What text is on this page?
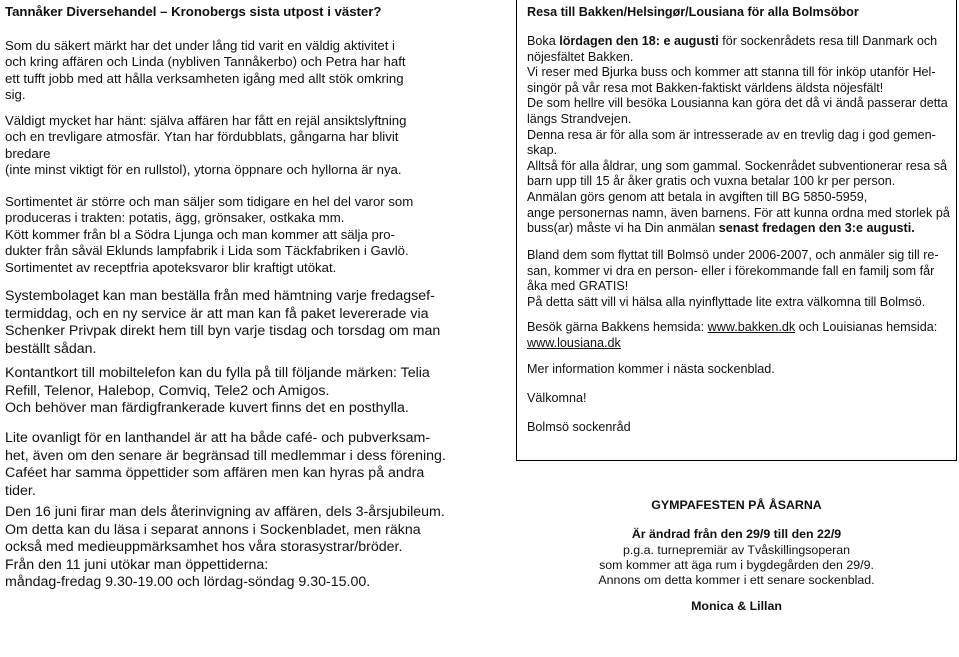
Tannåker Diversehandel – Kronobergs sista utpost i väster?
Som du säkert märkt har det under lång tid varit en väldig aktivitet i
och kring affären och Linda (nybliven Tannåkerbo) och Petra har haft
ett tufft jobb med att hålla verksamheten igång med allt stök omkring
sig.
Väldigt mycket har hänt: själva affären har fått en rejäl ansiktslyftning
och en trevligare atmosfär. Ytan har fördubblats, gångarna har blivit
bredare
(inte minst viktigt för en rullstol), ytorna öppnare och hyllorna är nya.
Sortimentet är större och man säljer som tidigare en hel del varor som
produceras i trakten: potatis, ägg, grönsaker, ostkaka mm.
Kött kommer från bl a Södra Ljunga och man kommer att sälja pro-
dukter från såväl Eklunds lampfabrik i Lida som Täckfabriken i Gavlö.
Sortimentet av receptfria apoteksvaror blir kraftigt utökat.
Systembolaget kan man beställa från med hämtning varje fredagsef-
termiddag, och en ny service är att man kan få paket levererade via
Schenker Privpak direkt hem till byn varje tisdag och torsdag om man
beställt sådan.
Kontantkort till mobiltelefon kan du fylla på till följande märken: Telia
Refill, Telenor, Halebop, Comviq, Tele2 och Amigos.
Och behöver man färdigfrankerade kuvert finns det en posthylla.
Lite ovanligt för en lanthandel är att ha både café- och pubverksam-
het, även om den senare är begränsad till medlemmar i dess förening.
Caféet har samma öppettider som affären men kan hyras på andra
tider.
Den 16 juni firar man dels återinvigning av affären, dels 3-årsjubileum.
Om detta kan du läsa i separat annons i Sockenbladet, men räkna
också med medieuppmärksamhet hos våra storasystrar/bröder.
Från den 11 juni utökar man öppettiderna:
måndag-fredag 9.30-19.00 och lördag-söndag 9.30-15.00.
Resa till Bakken/Helsingør/Lousiana för alla Bolmsöbor
Boka lördagen den 18: e augusti för sockenrådets resa till Danmark och
nöjesfältet Bakken.
Vi reser med Bjurka buss och kommer att stanna till för inköp utanför Hel-
singör på vår resa mot Bakken-faktiskt världens äldsta nöjesfält!
De som hellre vill besöka Lousianna kan göra det då vi ändå passerar detta
längs Strandvejen.
Denna resa är för alla som är intresserade av en trevlig dag i god gemen-
skap.
Alltså för alla åldrar, ung som gammal. Sockenrådet subventionerar resa så
barn upp till 15 år åker gratis och vuxna betalar 100 kr per person.
Anmälan görs genom att betala in avgiften till BG 5850-5959,
ange personernas namn, även barnens. För att kunna ordna med storlek på
buss(ar) måste vi ha Din anmälan senast fredagen den 3:e augusti.
Bland dem som flyttat till Bolmsö under 2006-2007, och anmäler sig till re-
san, kommer vi dra en person- eller i förekommande fall en familj som får
åka med GRATIS!
På detta sätt vill vi hälsa alla nyinflyttade lite extra välkomna till Bolmsö.
Besök gärna Bakkens hemsida: www.bakken.dk och Louisianas hemsida:
www.lousiana.dk
Mer information kommer i nästa sockenblad.
Välkomna!
Bolmsö sockenråd
GYMPAFESTEN PÅ ÅSARNA
Är ändrad från den 29/9 till den 22/9
p.g.a. turnepremiär av Tvåskillingsoperan
som kommer att äga rum i bygdegården den 29/9.
Annons om detta kommer i ett senare sockenblad.
Monica & Lillan
